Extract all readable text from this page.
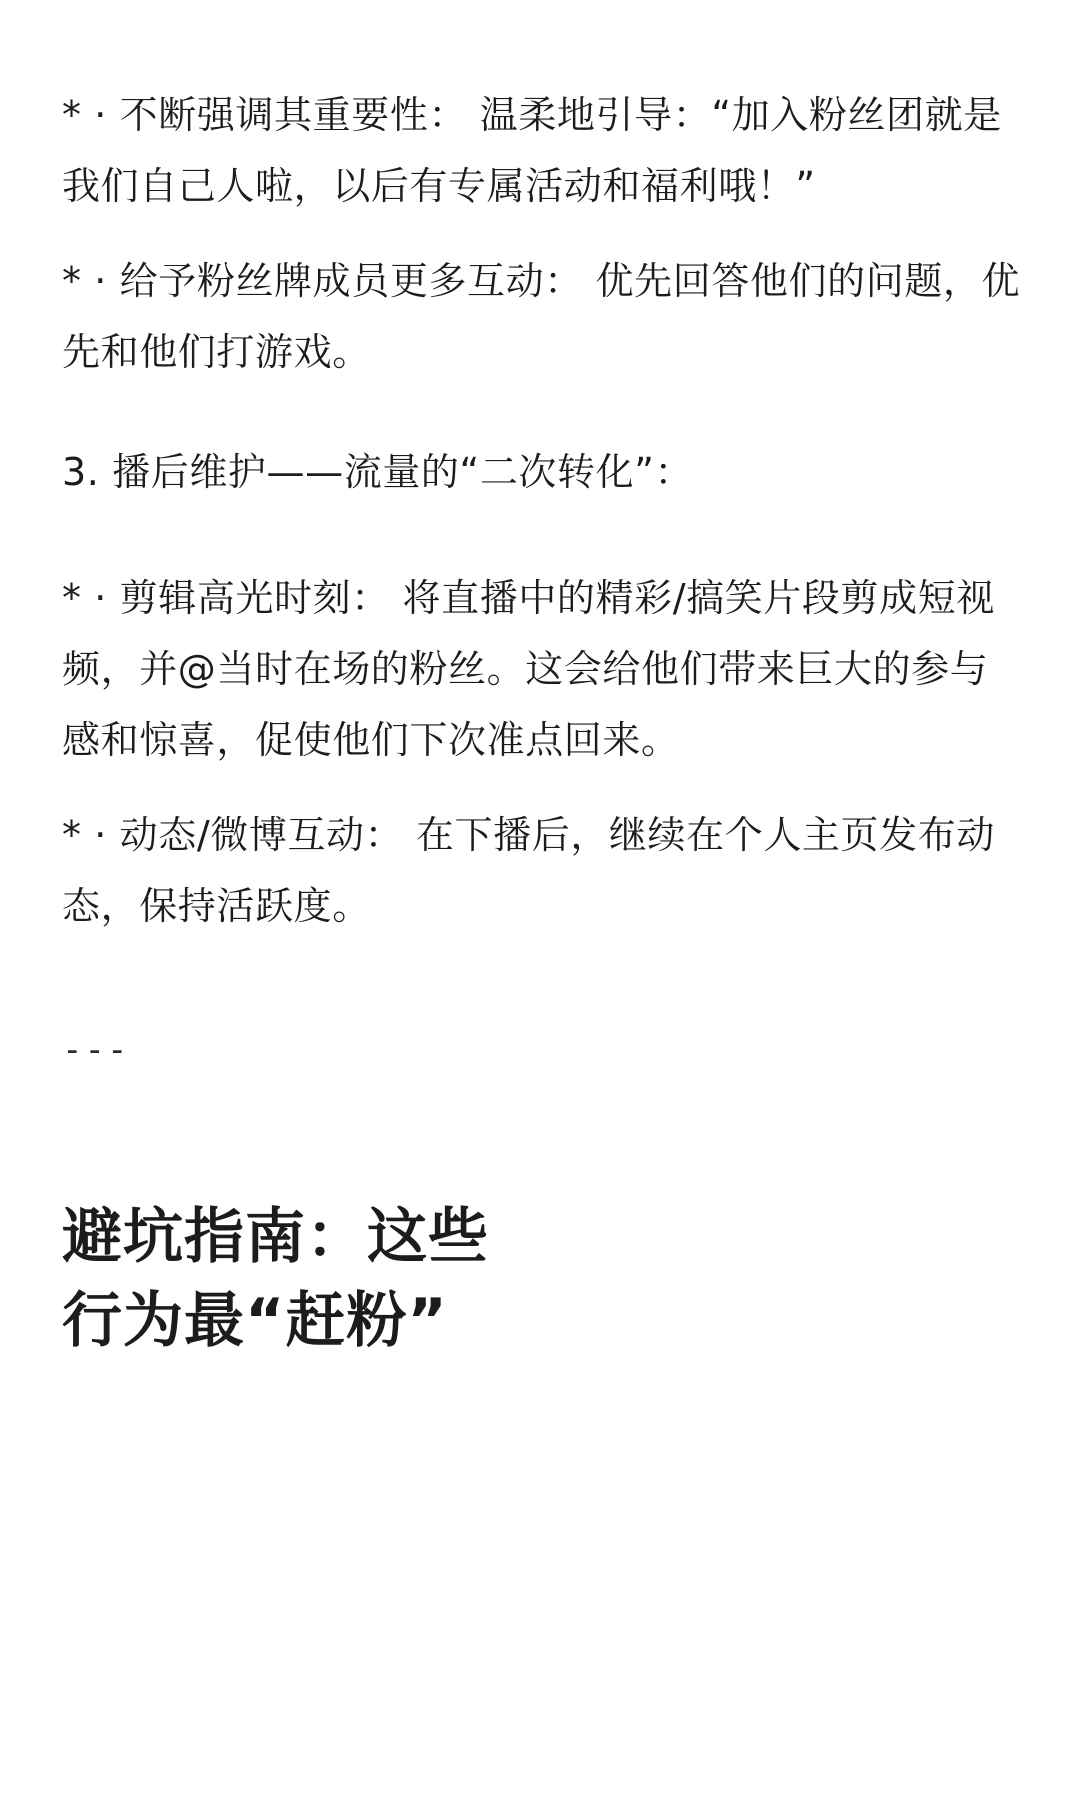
* · 不断强调其重要性： 温柔地引导：“加入粉丝团就是我们自己人啦，以后有专属活动和福利哦！”

* · 给予粉丝牌成员更多互动： 优先回答他们的问题，优先和他们打游戏。

3. 播后维护——流量的“二次转化”：

* · 剪辑高光时刻： 将直播中的精彩/搞笑片段剪成短视频，并@当时在场的粉丝。这会给他们带来巨大的参与感和惊喜，促使他们下次准点回来。

* · 动态/微博互动： 在下播后，继续在个人主页发布动态，保持活跃度。

---
避坑指南：这些
行为最“赶粉”
